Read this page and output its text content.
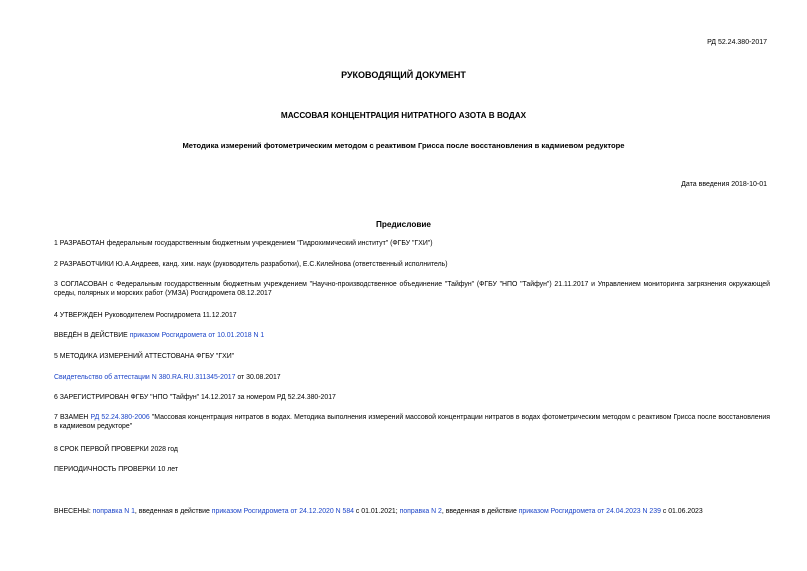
РД 52.24.380-2017
РУКОВОДЯЩИЙ ДОКУМЕНТ
МАССОВАЯ КОНЦЕНТРАЦИЯ НИТРАТНОГО АЗОТА В ВОДАХ
Методика измерений фотометрическим методом с реактивом Грисса после восстановления в кадмиевом редукторе
Дата введения 2018-10-01
Предисловие
1 РАЗРАБОТАН федеральным государственным бюджетным учреждением "Гидрохимический институт" (ФГБУ "ГХИ")
2 РАЗРАБОТЧИКИ Ю.А.Андреев, канд. хим. наук (руководитель разработки), Е.С.Килейнова (ответственный исполнитель)
3 СОГЛАСОВАН с Федеральным государственным бюджетным учреждением "Научно-производственное объединение "Тайфун" (ФГБУ "НПО "Тайфун") 21.11.2017 и Управлением мониторинга загрязнения окружающей среды, полярных и морских работ (УМЗА) Росгидромета 08.12.2017
4 УТВЕРЖДЕН Руководителем Росгидромета 11.12.2017
ВВЕДЁН В ДЕЙСТВИЕ приказом Росгидромета от 10.01.2018 N 1
5 МЕТОДИКА ИЗМЕРЕНИЙ АТТЕСТОВАНА ФГБУ "ГХИ"
Свидетельство об аттестации N 380.RA.RU.311345-2017 от 30.08.2017
6 ЗАРЕГИСТРИРОВАН ФГБУ "НПО "Тайфун" 14.12.2017 за номером РД 52.24.380-2017
7 ВЗАМЕН РД 52.24.380-2006 "Массовая концентрация нитратов в водах. Методика выполнения измерений массовой концентрации нитратов в водах фотометрическим методом с реактивом Грисса после восстановления в кадмиевом редукторе"
8 СРОК ПЕРВОЙ ПРОВЕРКИ 2028 год
ПЕРИОДИЧНОСТЬ ПРОВЕРКИ 10 лет
ВНЕСЕНЫ: поправка N 1, введенная в действие приказом Росгидромета от 24.12.2020 N 584 с 01.01.2021; поправка N 2, введенная в действие приказом Росгидромета от 24.04.2023 N 239 с 01.06.2023
